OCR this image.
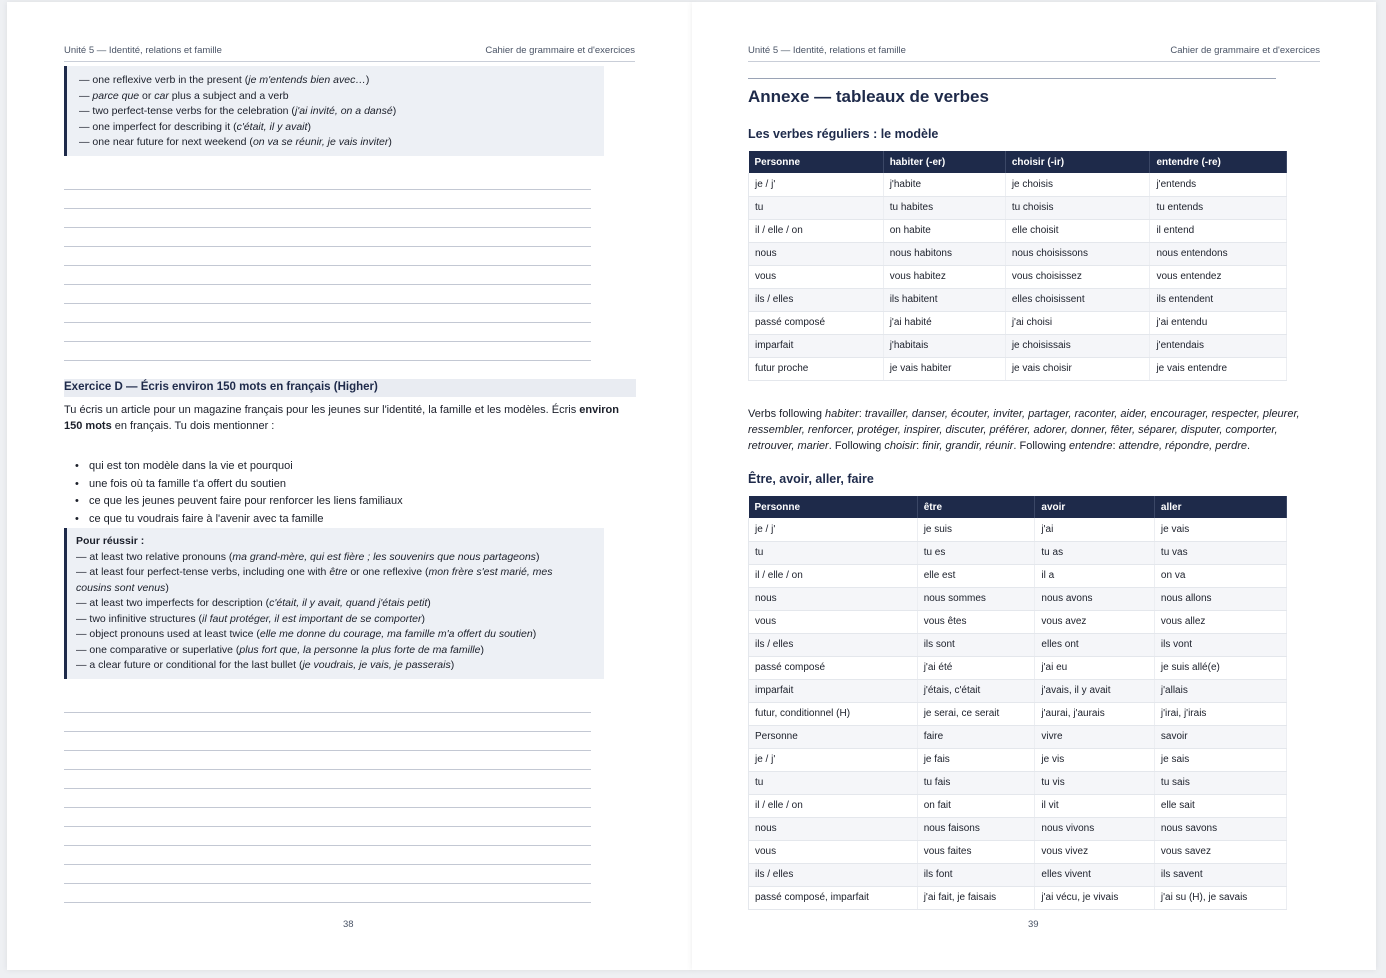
Unité 5 — Identité, relations et famille	Cahier de grammaire et d'exercices
— one reflexive verb in the present (je m'entends bien avec…)
— parce que or car plus a subject and a verb
— two perfect-tense verbs for the celebration (j'ai invité, on a dansé)
— one imperfect for describing it (c'était, il y avait)
— one near future for next weekend (on va se réunir, je vais inviter)
Exercice D — Écris environ 150 mots en français (Higher)
Tu écris un article pour un magazine français pour les jeunes sur l'identité, la famille et les modèles. Écris environ 150 mots en français. Tu dois mentionner :
• qui est ton modèle dans la vie et pourquoi
• une fois où ta famille t'a offert du soutien
• ce que les jeunes peuvent faire pour renforcer les liens familiaux
• ce que tu voudrais faire à l'avenir avec ta famille
Pour réussir :
— at least two relative pronouns (ma grand-mère, qui est fière ; les souvenirs que nous partageons)
— at least four perfect-tense verbs, including one with être or one reflexive (mon frère s'est marié, mes
cousins sont venus)
— at least two imperfects for description (c'était, il y avait, quand j'étais petit)
— two infinitive structures (il faut protéger, il est important de se comporter)
— object pronouns used at least twice (elle me donne du courage, ma famille m'a offert du soutien)
— one comparative or superlative (plus fort que, la personne la plus forte de ma famille)
— a clear future or conditional for the last bullet (je voudrais, je vais, je passerais)
38
Unité 5 — Identité, relations et famille	Cahier de grammaire et d'exercices
Annexe — tableaux de verbes
Les verbes réguliers : le modèle
Personne	habiter (-er)	choisir (-ir)	entendre (-re)
je / j'	j'habite	je choisis	j'entends
tu	tu habites	tu choisis	tu entends
il / elle / on	on habite	elle choisit	il entend
nous	nous habitons	nous choisissons	nous entendons
vous	vous habitez	vous choisissez	vous entendez
ils / elles	ils habitent	elles choisissent	ils entendent
passé composé	j'ai habité	j'ai choisi	j'ai entendu
imparfait	j'habitais	je choisissais	j'entendais
futur proche	je vais habiter	je vais choisir	je vais entendre
Verbs following habiter: travailler, danser, écouter, inviter, partager, raconter, aider, encourager, respecter, pleurer, ressembler, renforcer, protéger, inspirer, discuter, préférer, adorer, donner, fêter, séparer, disputer, comporter, retrouver, marier. Following choisir: finir, grandir, réunir. Following entendre: attendre, répondre, perdre.
Être, avoir, aller, faire
Personne	être	avoir	aller
je / j'	je suis	j'ai	je vais
tu	tu es	tu as	tu vas
il / elle / on	elle est	il a	on va
nous	nous sommes	nous avons	nous allons
vous	vous êtes	vous avez	vous allez
ils / elles	ils sont	elles ont	ils vont
passé composé	j'ai été	j'ai eu	je suis allé(e)
imparfait	j'étais, c'était	j'avais, il y avait	j'allais
futur, conditionnel (H)	je serai, ce serait	j'aurai, j'aurais	j'irai, j'irais
Personne	faire	vivre	savoir
je / j'	je fais	je vis	je sais
tu	tu fais	tu vis	tu sais
il / elle / on	on fait	il vit	elle sait
nous	nous faisons	nous vivons	nous savons
vous	vous faites	vous vivez	vous savez
ils / elles	ils font	elles vivent	ils savent
passé composé, imparfait	j'ai fait, je faisais	j'ai vécu, je vivais	j'ai su (H), je savais
39
